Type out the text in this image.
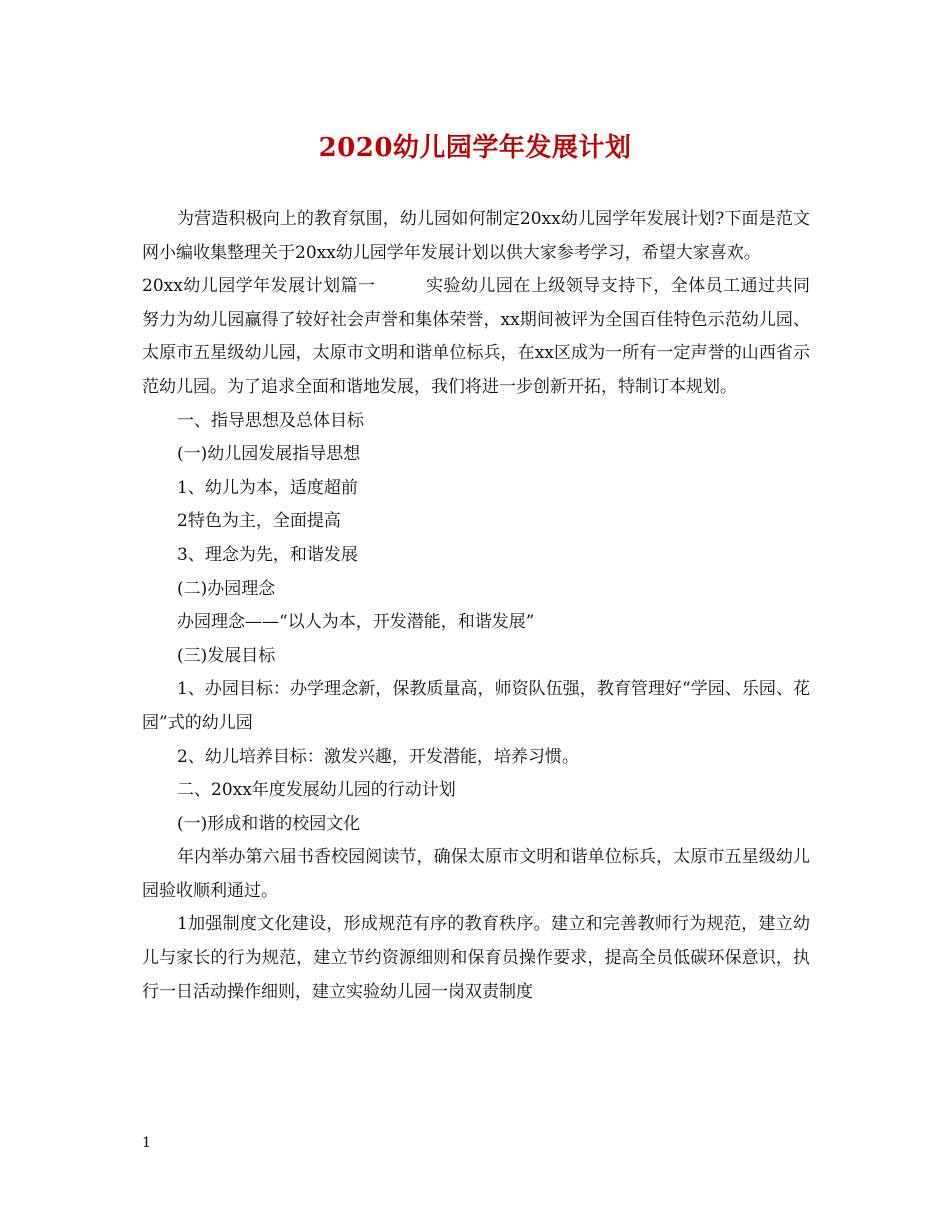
2020幼儿园学年发展计划

为营造积极向上的教育氛围，幼儿园如何制定20xx幼儿园学年发展计划?下面是范文网小编收集整理关于20xx幼儿园学年发展计划以供大家参考学习，希望大家喜欢。

20xx幼儿园学年发展计划篇一	实验幼儿园在上级领导支持下，全体员工通过共同努力为幼儿园赢得了较好社会声誉和集体荣誉，xx期间被评为全国百佳特色示范幼儿园、太原市五星级幼儿园，太原市文明和谐单位标兵，在xx区成为一所有一定声誉的山西省示范幼儿园。为了追求全面和谐地发展，我们将进一步创新开拓，特制订本规划。

一、指导思想及总体目标

(一)幼儿园发展指导思想

1、幼儿为本，适度超前

2特色为主，全面提高

3、理念为先，和谐发展

(二)办园理念

办园理念——“以人为本，开发潜能，和谐发展”

(三)发展目标

1、办园目标：办学理念新，保教质量高，师资队伍强，教育管理好“学园、乐园、花园”式的幼儿园

2、幼儿培养目标：激发兴趣，开发潜能，培养习惯。

二、20xx年度发展幼儿园的行动计划

(一)形成和谐的校园文化

年内举办第六届书香校园阅读节，确保太原市文明和谐单位标兵，太原市五星级幼儿园验收顺利通过。

1加强制度文化建设，形成规范有序的教育秩序。建立和完善教师行为规范，建立幼儿与家长的行为规范，建立节约资源细则和保育员操作要求，提高全员低碳环保意识，执行一日活动操作细则，建立实验幼儿园一岗双责制度

1
